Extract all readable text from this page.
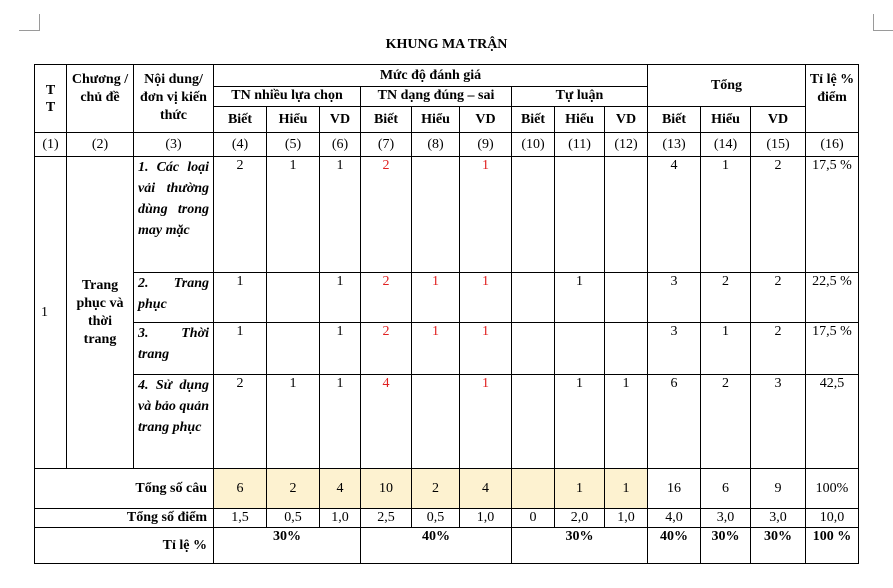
KHUNG MA TRẬN
T T	Chương / chủ đề	Nội dung/ đơn vị kiến thức	Mức độ đánh giá									Tổng			Tỉ lệ % điểm
			TN nhiều lựa chọn			TN dạng đúng – sai			Tự luận						
			Biết	Hiểu	VD	Biết	Hiểu	VD	Biết	Hiểu	VD	Biết	Hiểu	VD	
(1)	(2)	(3)	(4)	(5)	(6)	(7)	(8)	(9)	(10)	(11)	(12)	(13)	(14)	(15)	(16)
1	Trang phục và thời trang	1. Các loại vải thường dùng trong may mặc	2	1	1	2		1				4	1	2	17,5 %
		2. Trang phục	1		1	2	1	1		1		3	2	2	22,5 %
		3. Thời trang	1		1	2	1	1				3	1	2	17,5 %
		4. Sử dụng và bảo quản trang phục	2	1	1	4		1		1	1	6	2	3	42,5
Tổng số câu			6	2	4	10	2	4		1	1	16	6	9	100%
Tổng số điểm			1,5	0,5	1,0	2,5	0,5	1,0	0	2,0	1,0	4,0	3,0	3,0	10,0
Tỉ lệ %			30%			40%			30%			40%	30%	30%	100 %
